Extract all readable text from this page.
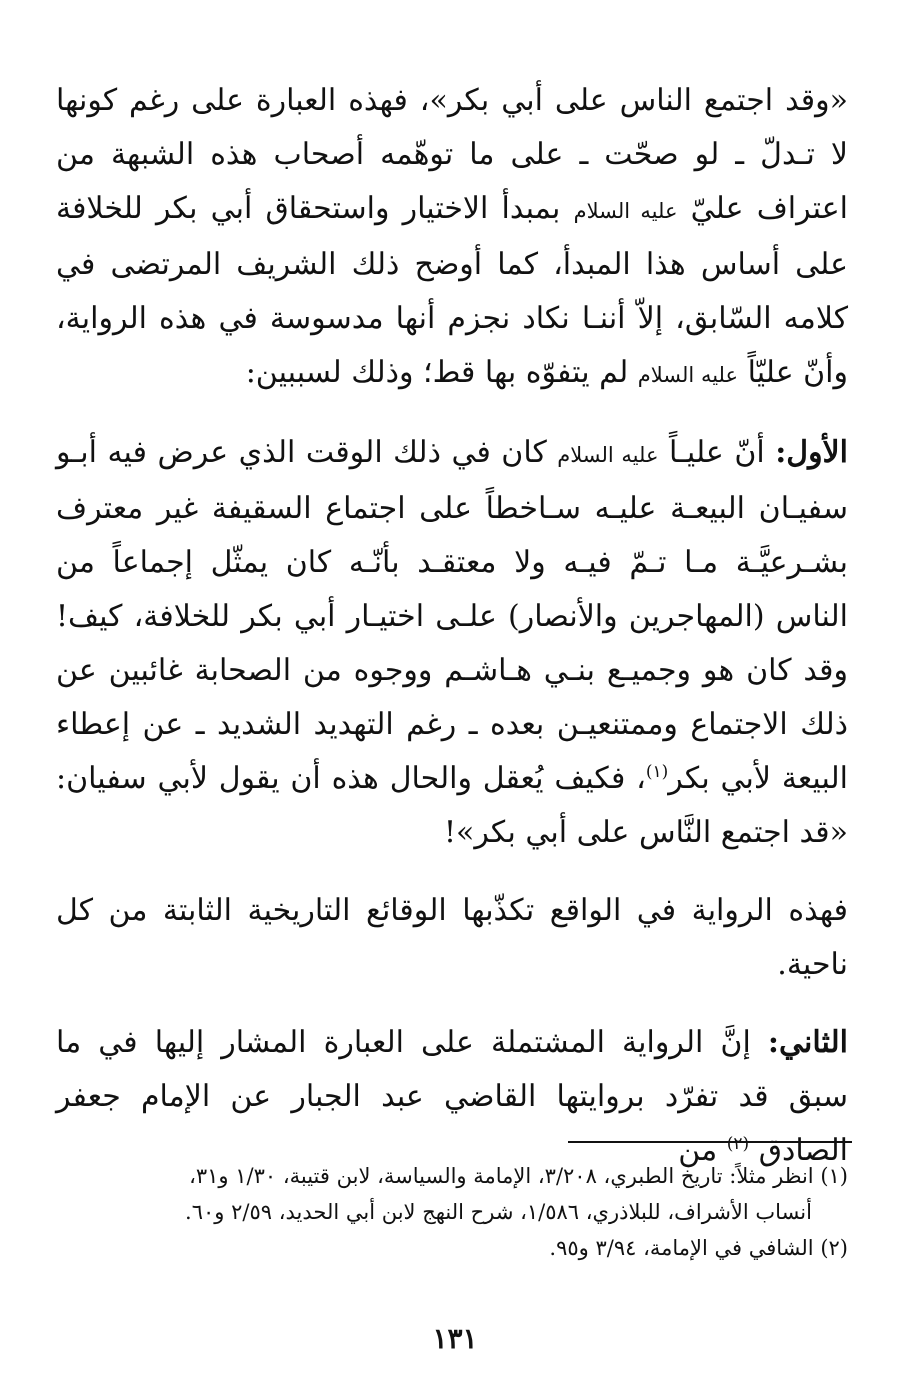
«وقد اجتمع الناس على أبي بكر»، فهذه العبارة على رغم كونها لا تـدلّ ـ لو صحّت ـ على ما توهّمه أصحاب هذه الشبهة من اعتراف عليّ عليه السلام بمبدأ الاختيار واستحقاق أبي بكر للخلافة على أساس هذا المبدأ، كما أوضح ذلك الشريف المرتضى في كلامه السّابق، إلاّ أننـا نكاد نجزم أنها مدسوسة في هذه الرواية، وأنّ عليّاً عليه السلام لم يتفوّه بها قط؛ وذلك لسببين:

الأول: أنّ عليـاً عليه السلام كان في ذلك الوقت الذي عرض فيه أبـو سفيـان البيعـة عليـه سـاخطاً على اجتماع السقيفة غير معترف بشـرعيَّـة مـا تـمّ فيـه ولا معتقـد بأنّـه كان يمثّل إجماعاً من الناس (المهاجرين والأنصار) علـى اختيـار أبي بكر للخلافة، كيف! وقد كان هو وجميـع بنـي هـاشـم ووجوه من الصحابة غائبين عن ذلك الاجتماع وممتنعيـن بعده ـ رغم التهديد الشديد ـ عن إعطاء البيعة لأبي بكر$^{(١)}$، فكيف يُعقل والحال هذه أن يقول لأبي سفيان: «قد اجتمع النَّاس على أبي بكر»!

فهذه الرواية في الواقع تكذّبها الوقائع التاريخية الثابتة من كل ناحية.

الثاني: إنَّ الرواية المشتملة على العبارة المشار إليها في ما سبق قد تفرّد بروايتها القاضي عبد الجبار عن الإمام جعفر الصادق $^{(٢)}$ من

(١) انظر مثلاً: تاريخ الطبري، ٣/٢٠٨، الإمامة والسياسة، لابن قتيبة، ١/٣٠ و٣١،

أنساب الأشراف، للبلاذري، ١/٥٨٦، شرح النهج لابن أبي الحديد، ٢/٥٩ و٦٠.

(٢) الشافي في الإمامة، ٣/٩٤ و٩٥.

١٣١
